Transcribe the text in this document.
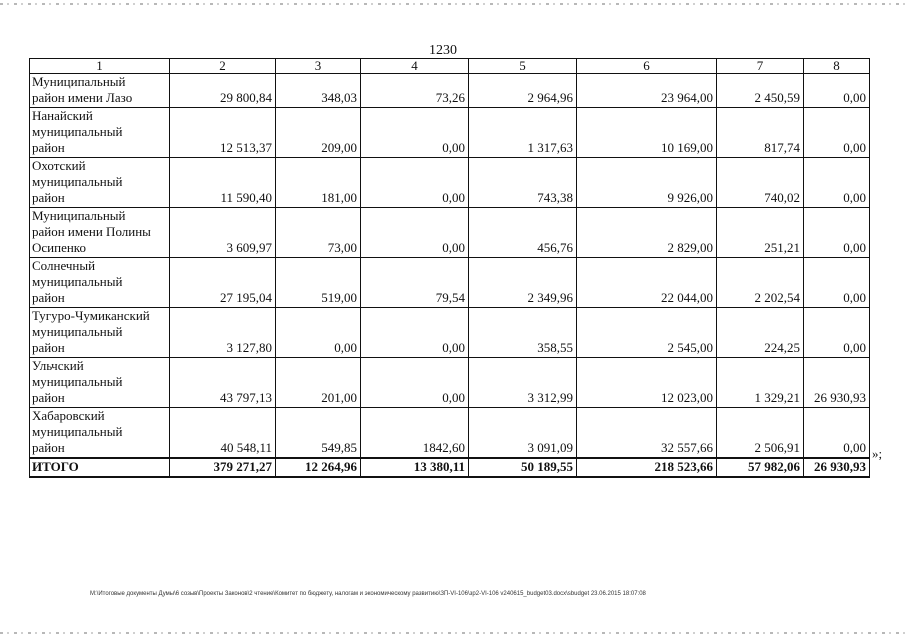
1230
1	2	3	4	5	6	7	8

Муниципальный
район имени Лазо	29 800,84	348,03	73,26	2 964,96	23 964,00	2 450,59	0,00

Нанайский
муниципальный
район	12 513,37	209,00	0,00	1 317,63	10 169,00	817,74	0,00

Охотский
муниципальный
район	11 590,40	181,00	0,00	743,38	9 926,00	740,02	0,00

Муниципальный
район имени Полины
Осипенко	3 609,97	73,00	0,00	456,76	2 829,00	251,21	0,00

Солнечный
муниципальный
район	27 195,04	519,00	79,54	2 349,96	22 044,00	2 202,54	0,00

Тугуро-Чумиканский
муниципальный
район	3 127,80	0,00	0,00	358,55	2 545,00	224,25	0,00

Ульчский
муниципальный
район	43 797,13	201,00	0,00	3 312,99	12 023,00	1 329,21	26 930,93

Хабаровский
муниципальный
район	40 548,11	549,85	1842,60	3 091,09	32 557,66	2 506,91	0,00
ИТОГО	379 271,27	12 264,96	13 380,11	50 189,55	218 523,66	57 982,06	26 930,93
»;
М:\Итоговые документы Думы\6 созыв\Проекты Законов\2 чтение\Комитет по бюджету, налогам и экономическому развитию\ЗП-VI-106\зр2-VI-106 v240615_budget03.docx\sbudget 23.06.2015 18:07:08
